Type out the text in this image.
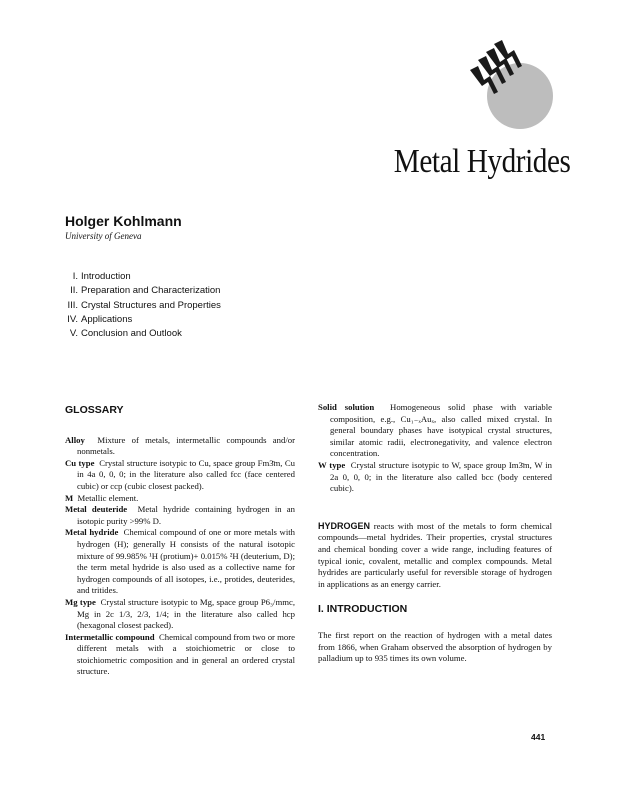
Metal Hydrides
Holger Kohlmann
University of Geneva
I. Introduction
II. Preparation and Characterization
III. Crystal Structures and Properties
IV. Applications
V. Conclusion and Outlook
GLOSSARY
Alloy Mixture of metals, intermetallic compounds and/or nonmetals.
Cu type Crystal structure isotypic to Cu, space group Fm3̄m, Cu in 4a 0, 0, 0; in the literature also called fcc (face centered cubic) or ccp (cubic closest packed).
M Metallic element.
Metal deuteride Metal hydride containing hydrogen in an isotopic purity >99% D.
Metal hydride Chemical compound of one or more metals with hydrogen (H); generally H consists of the natural isotopic mixture of 99.985% ¹H (protium)+ 0.015% ²H (deuterium, D); the term metal hydride is also used as a collective name for hydrogen compounds of all isotopes, i.e., protides, deuterides, and tritides.
Mg type Crystal structure isotypic to Mg, space group P6₃/mmc, Mg in 2c 1/3, 2/3, 1/4; in the literature also called hcp (hexagonal closest packed).
Intermetallic compound Chemical compound from two or more different metals with a stoichiometric or close to stoichiometric composition and in general an ordered crystal structure.
Solid solution Homogeneous solid phase with variable composition, e.g., Cu₁₋ₓAuₓ, also called mixed crystal. In general boundary phases have isotypical crystal structures, similar atomic radii, electronegativity, and valence electron concentration.
W type Crystal structure isotypic to W, space group Im3̄m, W in 2a 0, 0, 0; in the literature also called bcc (body centered cubic).

HYDROGEN reacts with most of the metals to form chemical compounds—metal hydrides. Their properties, crystal structures and chemical bonding cover a wide range, including features of typical ionic, covalent, metallic and complex compounds. Metal hydrides are particularly useful for reversible storage of hydrogen in applications as an energy carrier.

I. INTRODUCTION

The first report on the reaction of hydrogen with a metal dates from 1866, when Graham observed the absorption of hydrogen by palladium up to 935 times its own volume.

441
